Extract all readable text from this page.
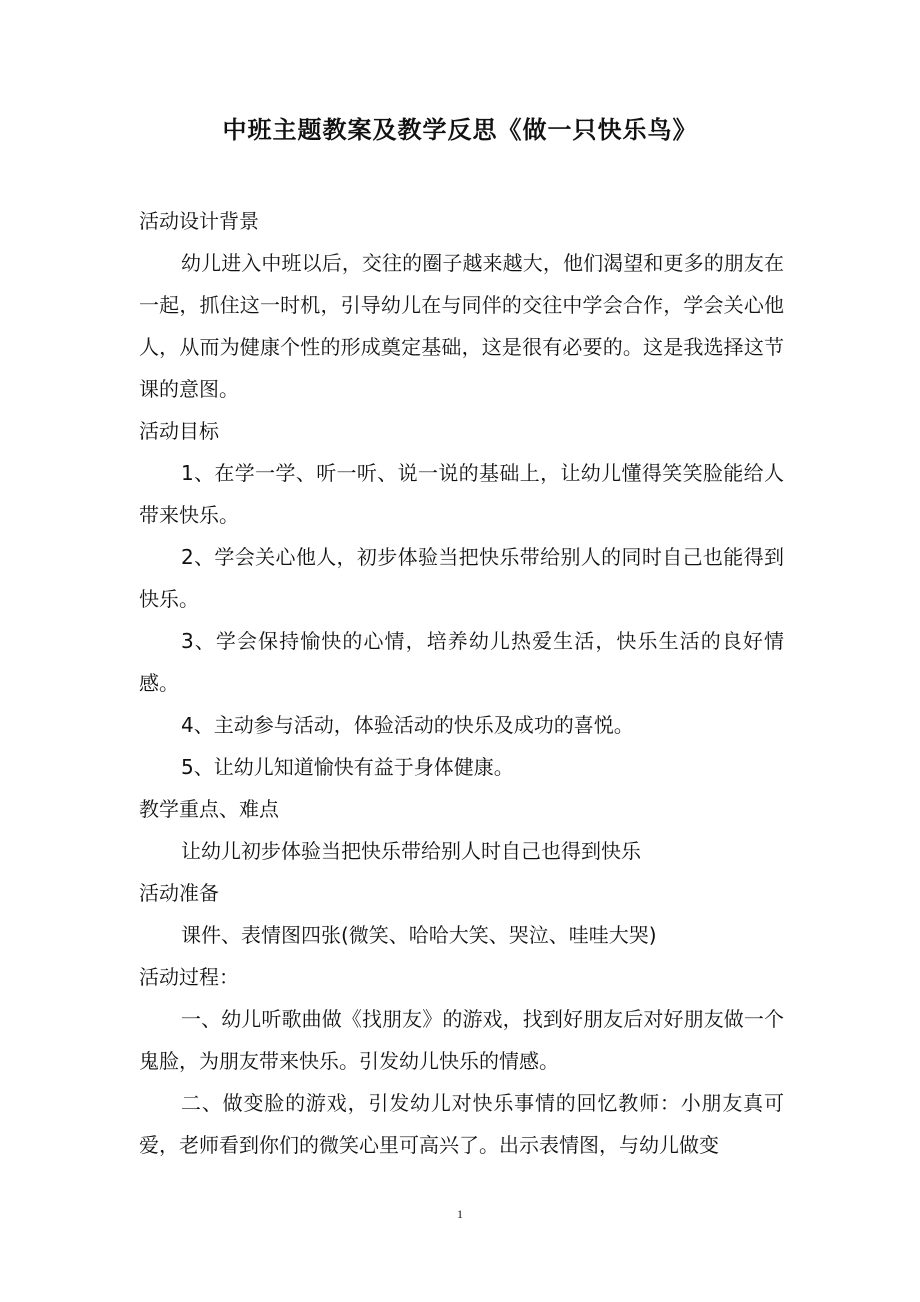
中班主题教案及教学反思《做一只快乐鸟》

活动设计背景

幼儿进入中班以后，交往的圈子越来越大，他们渴望和更多的朋友在一起，抓住这一时机，引导幼儿在与同伴的交往中学会合作，学会关心他人，从而为健康个性的形成奠定基础，这是很有必要的。这是我选择这节课的意图。

活动目标

1、在学一学、听一听、说一说的基础上，让幼儿懂得笑笑脸能给人带来快乐。

2、学会关心他人，初步体验当把快乐带给别人的同时自己也能得到快乐。

3、学会保持愉快的心情，培养幼儿热爱生活，快乐生活的良好情感。

4、主动参与活动，体验活动的快乐及成功的喜悦。

5、让幼儿知道愉快有益于身体健康。

教学重点、难点

让幼儿初步体验当把快乐带给别人时自己也得到快乐

活动准备

课件、表情图四张(微笑、哈哈大笑、哭泣、哇哇大哭)

活动过程：

一、幼儿听歌曲做《找朋友》的游戏，找到好朋友后对好朋友做一个鬼脸，为朋友带来快乐。引发幼儿快乐的情感。

二、做变脸的游戏，引发幼儿对快乐事情的回忆教师：小朋友真可爱，老师看到你们的微笑心里可高兴了。出示表情图，与幼儿做变

1
